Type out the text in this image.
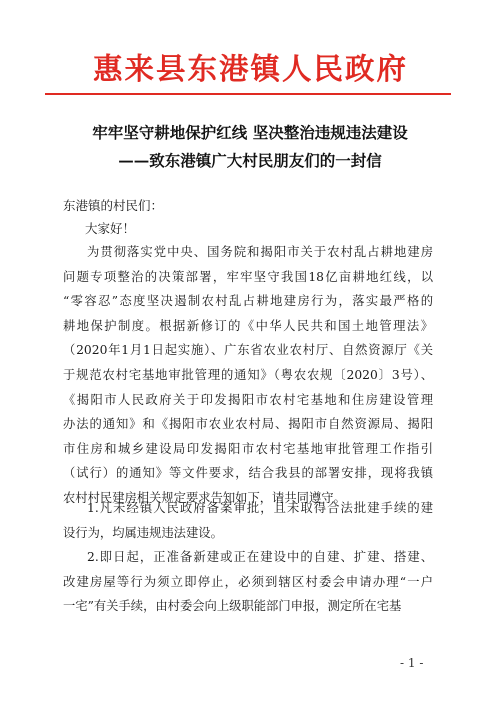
惠来县东港镇人民政府
牢牢坚守耕地保护红线 坚决整治违规违法建设
——致东港镇广大村民朋友们的一封信
东港镇的村民们：
大家好！
为贯彻落实党中央、国务院和揭阳市关于农村乱占耕地建房
问题专项整治的决策部署，牢牢坚守我国18亿亩耕地红线，以
“零容忍”态度坚决遏制农村乱占耕地建房行为，落实最严格的
耕地保护制度。根据新修订的《中华人民共和国土地管理法》
（2020年1月1日起实施）、广东省农业农村厅、自然资源厅《关
于规范农村宅基地审批管理的通知》（粤农农规〔2020〕3号）、
《揭阳市人民政府关于印发揭阳市农村宅基地和住房建设管理
办法的通知》和《揭阳市农业农村局、揭阳市自然资源局、揭阳
市住房和城乡建设局印发揭阳市农村宅基地审批管理工作指引
（试行）的通知》等文件要求，结合我县的部署安排，现将我镇
农村村民建房相关规定要求告知如下，请共同遵守。
1.凡未经镇人民政府备案审批，且未取得合法批建手续的建
设行为，均属违规违法建设。
2.即日起，正准备新建或正在建设中的自建、扩建、搭建、
改建房屋等行为须立即停止，必须到辖区村委会申请办理“一户
一宅”有关手续，由村委会向上级职能部门申报，测定所在宅基
- 1 -
